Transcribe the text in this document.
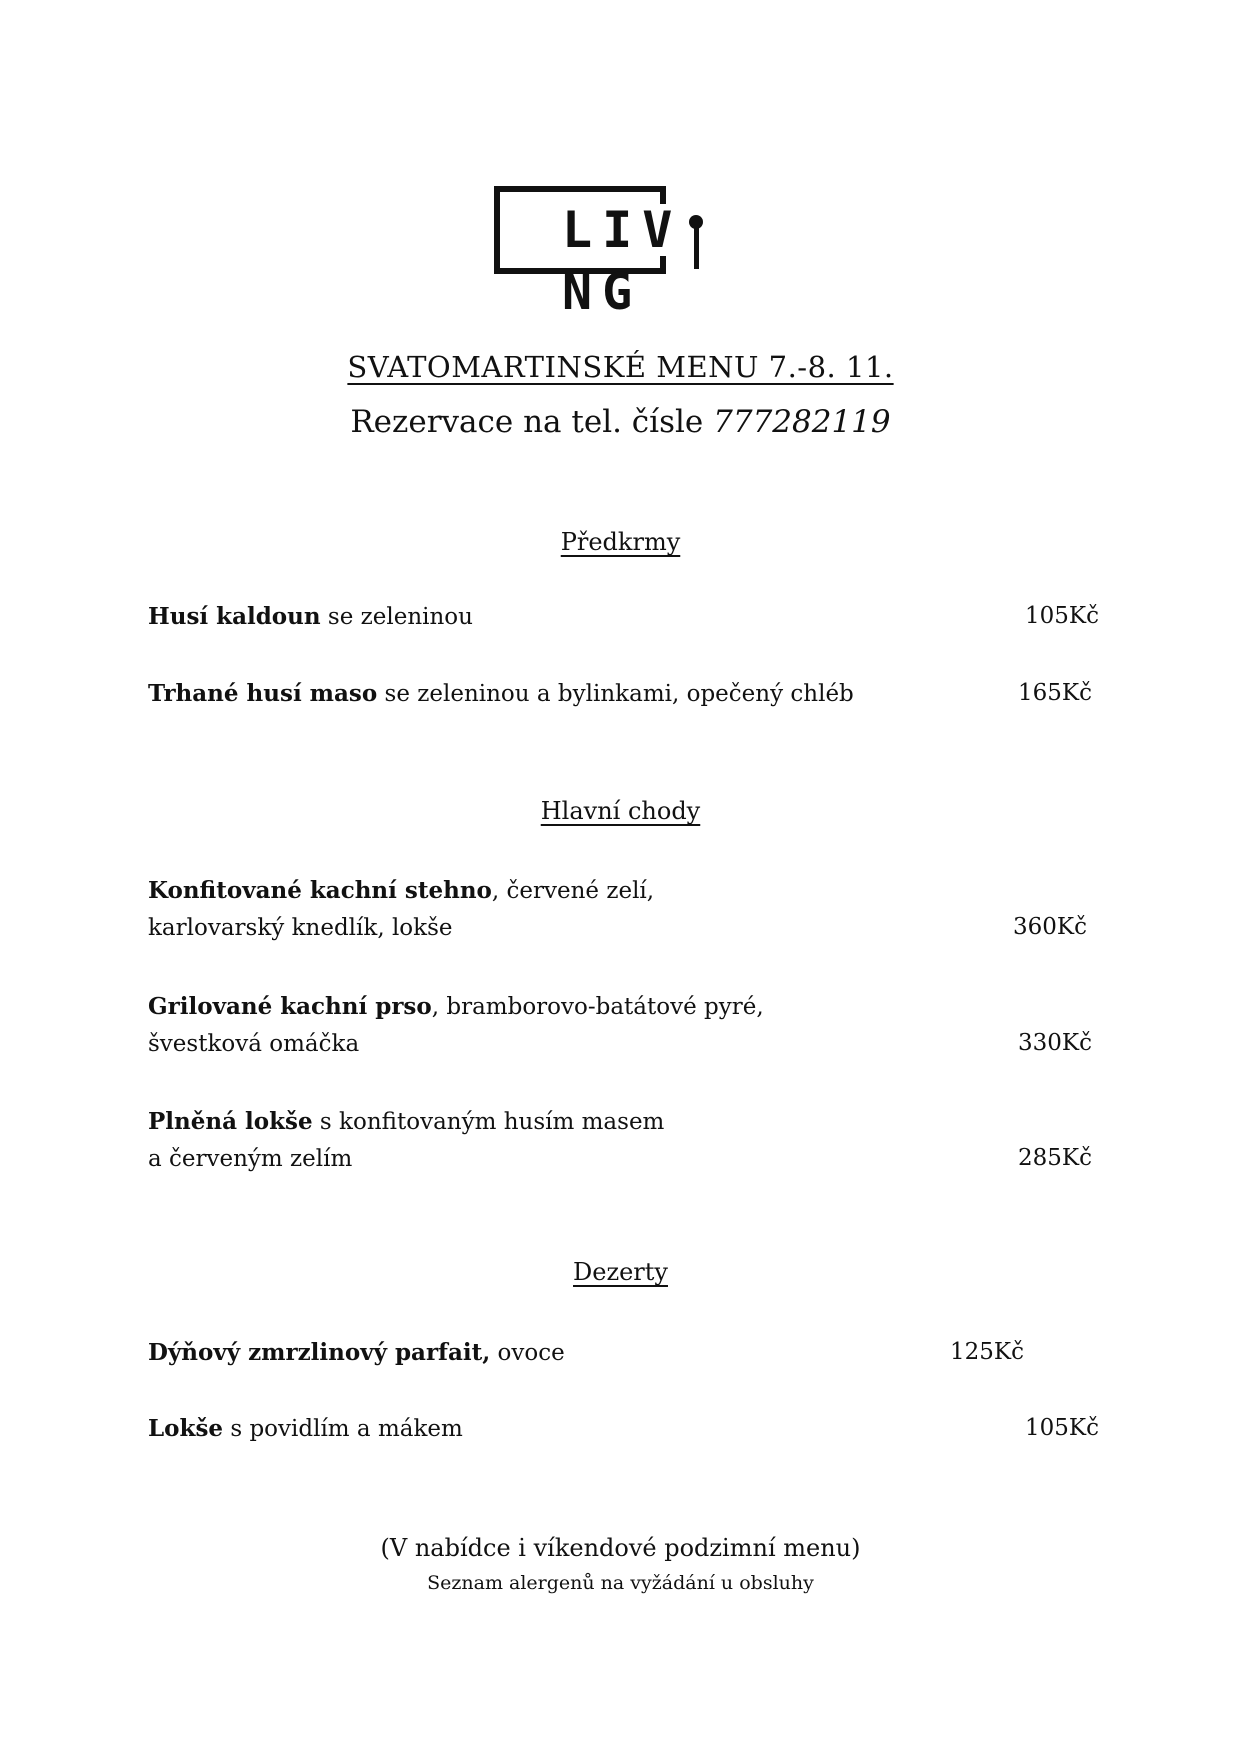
LIVNG
SVATOMARTINSKÉ MENU 7.-8. 11.
Rezervace na tel. čísle 777282119
Předkrmy
Husí kaldoun se zeleninou	105Kč
Trhané husí maso se zeleninou a bylinkami, opečený chléb	165Kč
Hlavní chody
Konfitované kachní stehno, červené zelí,
karlovarský knedlík, lokše	360Kč
Grilované kachní prso, bramborovo-batátové pyré,
švestková omáčka	330Kč
Plněná lokše s konfitovaným husím masem
a červeným zelím	285Kč
Dezerty
Dýňový zmrzlinový parfait, ovoce	125Kč
Lokše s povidlím a mákem	105Kč
(V nabídce i víkendové podzimní menu)
Seznam alergenů na vyžádání u obsluhy
